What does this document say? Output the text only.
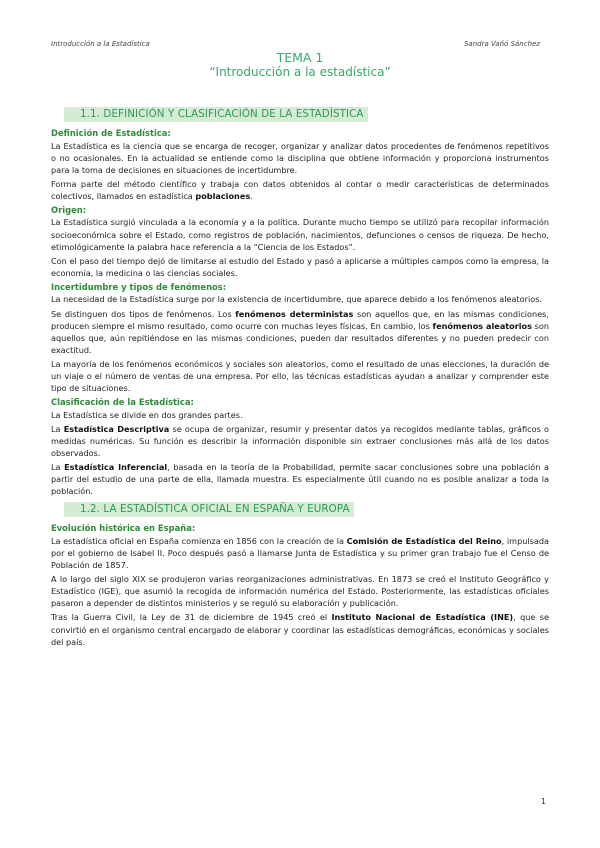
Introducción a la Estadística	Sandra Vañó Sánchez
TEMA 1
“Introducción a la estadística”
1.1. DEFINICIÓN Y CLASIFICACIÓN DE LA ESTADÍSTICA
Definición de Estadística:

La Estadística es la ciencia que se encarga de recoger, organizar y analizar datos procedentes de fenómenos repetitivos o no ocasionales. En la actualidad se entiende como la disciplina que obtiene información y proporciona instrumentos para la toma de decisiones en situaciones de incertidumbre.

Forma parte del método científico y trabaja con datos obtenidos al contar o medir características de determinados colectivos, llamados en estadística poblaciones.

Origen:

La Estadística surgió vinculada a la economía y a la política. Durante mucho tiempo se utilizó para recopilar información socioeconómica sobre el Estado, como registros de población, nacimientos, defunciones o censos de riqueza. De hecho, etimológicamente la palabra hace referencia a la “Ciencia de los Estados”.

Con el paso del tiempo dejó de limitarse al estudio del Estado y pasó a aplicarse a múltiples campos como la empresa, la economía, la medicina o las ciencias sociales.

Incertidumbre y tipos de fenómenos:

La necesidad de la Estadística surge por la existencia de incertidumbre, que aparece debido a los fenómenos aleatorios.

Se distinguen dos tipos de fenómenos. Los fenómenos deterministas son aquellos que, en las mismas condiciones, producen siempre el mismo resultado, como ocurre con muchas leyes físicas. En cambio, los fenómenos aleatorios son aquellos que, aún repitiéndose en las mismas condiciones, pueden dar resultados diferentes y no pueden predecir con exactitud.

La mayoría de los fenómenos económicos y sociales son aleatorios, como el resultado de unas elecciones, la duración de un viaje o el número de ventas de una empresa. Por ello, las técnicas estadísticas ayudan a analizar y comprender este tipo de situaciones.

Clasificación de la Estadística:

La Estadística se divide en dos grandes partes.

La Estadística Descriptiva se ocupa de organizar, resumir y presentar datos ya recogidos mediante tablas, gráficos o medidas numéricas. Su función es describir la información disponible sin extraer conclusiones más allá de los datos observados.

La Estadística Inferencial, basada en la teoría de la Probabilidad, permite sacar conclusiones sobre una población a partir del estudio de una parte de ella, llamada muestra. Es especialmente útil cuando no es posible analizar a toda la población.

1.2. LA ESTADÍSTICA OFICIAL EN ESPAÑA Y EUROPA
Evolución histórica en España:

La estadística oficial en España comienza en 1856 con la creación de la Comisión de Estadística del Reino, impulsada por el gobierno de Isabel II. Poco después pasó a llamarse Junta de Estadística y su primer gran trabajo fue el Censo de Población de 1857.

A lo largo del siglo XIX se produjeron varias reorganizaciones administrativas. En 1873 se creó el Instituto Geográfico y Estadístico (IGE), que asumió la recogida de información numérica del Estado. Posteriormente, las estadísticas oficiales pasaron a depender de distintos ministerios y se reguló su elaboración y publicación.

Tras la Guerra Civil, la Ley de 31 de diciembre de 1945 creó el Instituto Nacional de Estadística (INE), que se convirtió en el organismo central encargado de elaborar y coordinar las estadísticas demográficas, económicas y sociales del país.

1
